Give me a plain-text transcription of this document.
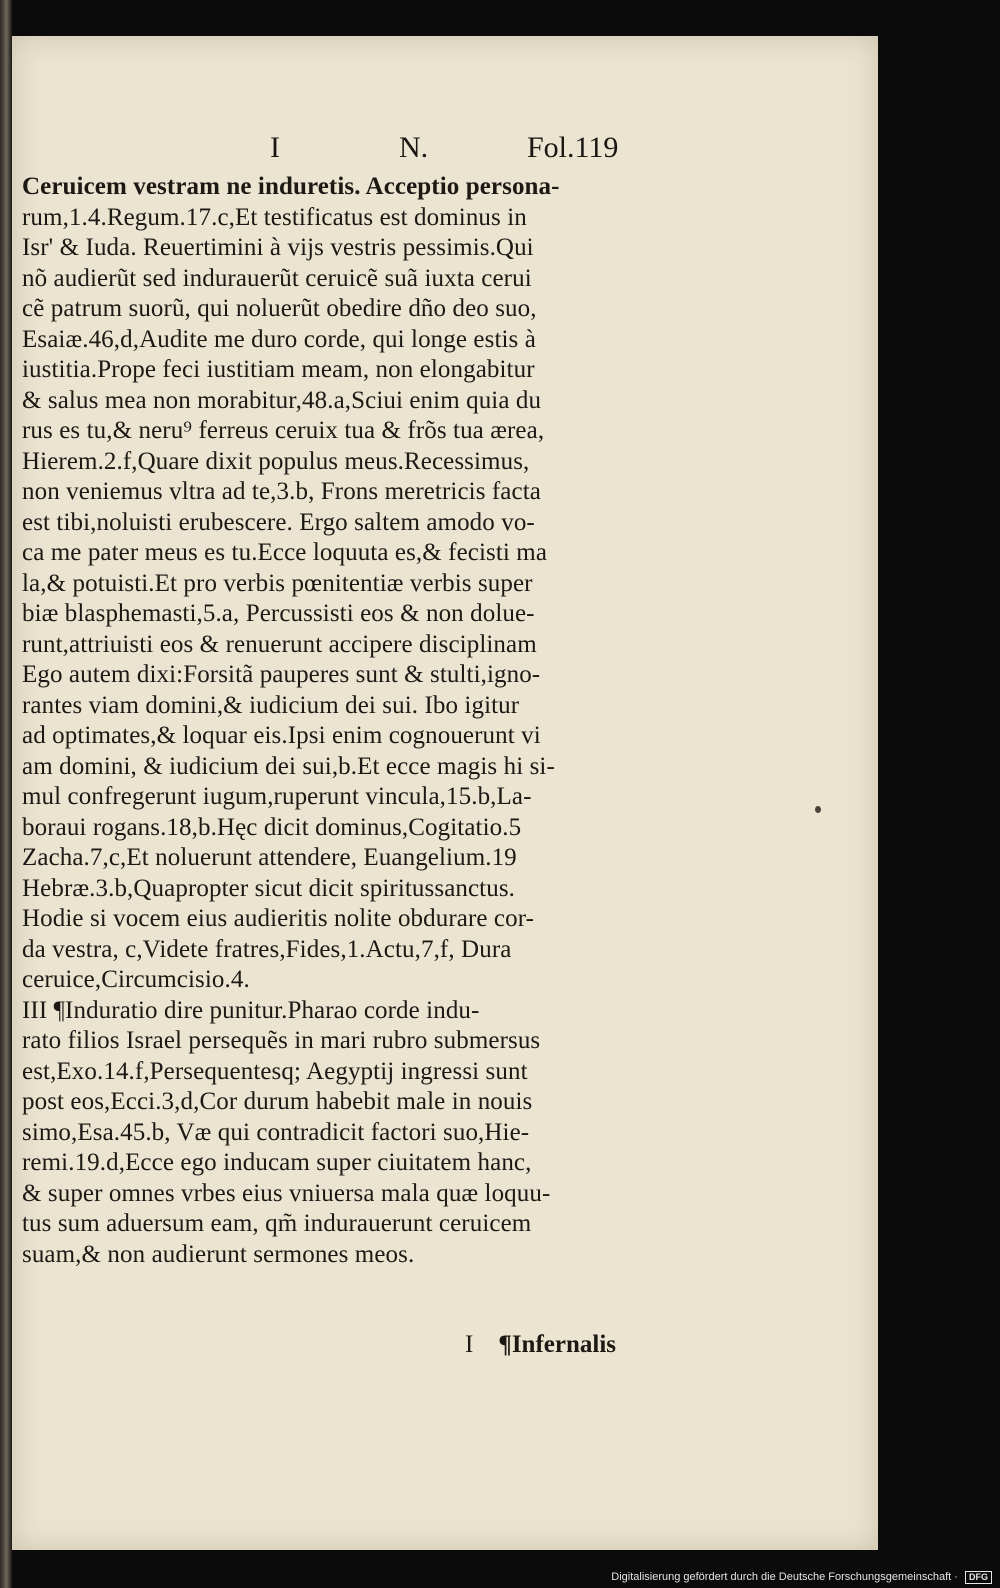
I	N.	Fol.119

Ceruicem vestram ne induretis. Acceptio persona-
rum,1.4.Regum.17.c,Et testificatus est dominus in
Isr' & Iuda. Reuertimini à vijs vestris pessimis.Qui
nõ audierũt sed indurauerũt ceruicẽ suã iuxta cerui
cẽ patrum suorũ, qui noluerũt obedire dño deo suo,
Esaiæ.46,d,Audite me duro corde, qui longe estis à
iustitia.Prope feci iustitiam meam, non elongabitur
& salus mea non morabitur,48.a,Sciui enim quia du
rus es tu,& neru⁹ ferreus ceruix tua & frõs tua ærea,
Hierem.2.f,Quare dixit populus meus.Recessimus,
non veniemus vltra ad te,3.b, Frons meretricis facta
est tibi,noluisti erubescere. Ergo saltem amodo vo-
ca me pater meus es tu.Ecce loquuta es,& fecisti ma
la,& potuisti.Et pro verbis pœnitentiæ verbis super
biæ blasphemasti,5.a, Percussisti eos & non dolue-
runt,attriuisti eos & renuerunt accipere disciplinam
Ego autem dixi:Forsitã pauperes sunt & stulti,igno-
rantes viam domini,& iudicium dei sui. Ibo igitur
ad optimates,& loquar eis.Ipsi enim cognouerunt vi
am domini, & iudicium dei sui,b.Et ecce magis hi si-
mul confregerunt iugum,ruperunt vincula,15.b,La-
boraui rogans.18,b.Hęc dicit dominus,Cogitatio.5
Zacha.7,c,Et noluerunt attendere, Euangelium.19
Hebræ.3.b,Quapropter sicut dicit spiritussanctus.
Hodie si vocem eius audieritis nolite obdurare cor-
da vestra, c,Videte fratres,Fides,1.Actu,7,f, Dura
ceruice,Circumcisio.4.
III ¶Induratio dire punitur.Pharao corde indu-
rato filios Israel persequẽs in mari rubro submersus
est,Exo.14.f,Persequentesq; Aegyptij ingressi sunt
post eos,Ecci.3,d,Cor durum habebit male in nouis
simo,Esa.45.b, Væ qui contradicit factori suo,Hie-
remi.19.d,Ecce ego inducam super ciuitatem hanc,
& super omnes vrbes eius vniuersa mala quæ loquu-
tus sum aduersum eam, qm̃ indurauerunt ceruicem
suam,& non audierunt sermones meos.

I ¶Infernalis
Digitalisierung gefördert durch die Deutsche Forschungsgemeinschaft · DFG
